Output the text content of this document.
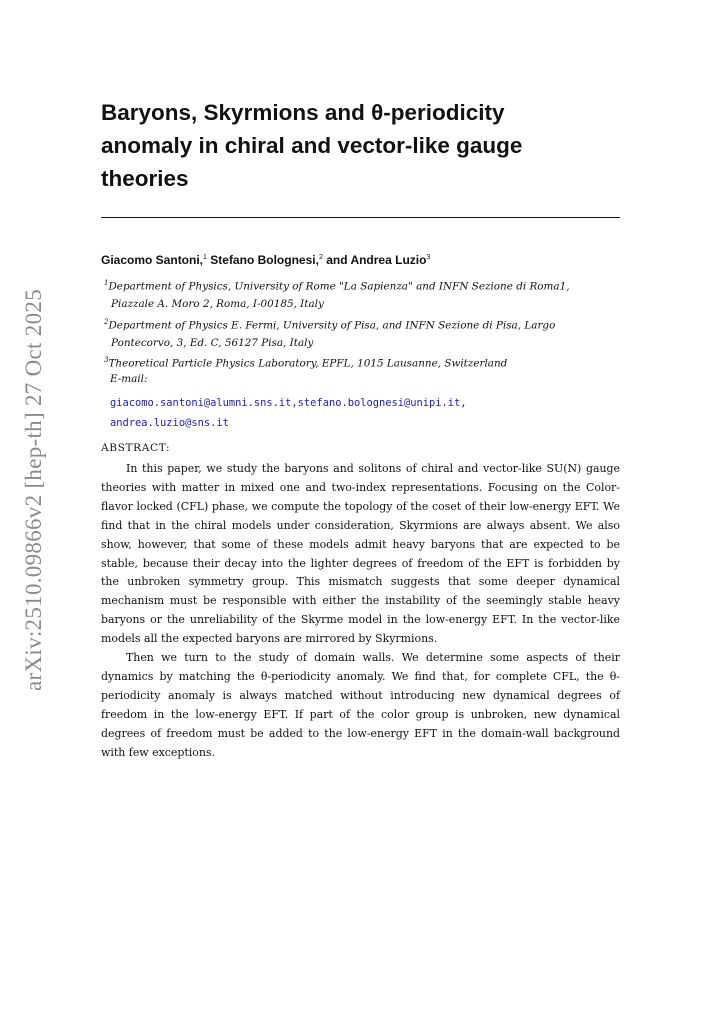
arXiv:2510.09866v2 [hep-th] 27 Oct 2025
Baryons, Skyrmions and θ-periodicity
anomaly in chiral and vector-like gauge
theories
Giacomo Santoni,$^1$ Stefano Bolognesi,$^2$ and Andrea Luzio$^3$
$^1$Department of Physics, University of Rome "La Sapienza" and INFN Sezione di Roma1,
Piazzale A. Moro 2, Roma, I-00185, Italy
$^2$Department of Physics E. Fermi, University of Pisa, and INFN Sezione di Pisa, Largo
Pontecorvo, 3, Ed. C, 56127 Pisa, Italy
$^3$Theoretical Particle Physics Laboratory, EPFL, 1015 Lausanne, Switzerland
E-mail:
giacomo.santoni@alumni.sns.it,stefano.bolognesi@unipi.it,
andrea.luzio@sns.it
ABSTRACT:

In this paper, we study the baryons and solitons of chiral and vector-like SU(N) gauge theories with matter in mixed one and two-index representations. Focusing on the Color-flavor locked (CFL) phase, we compute the topology of the coset of their low-energy EFT. We find that in the chiral models under consideration, Skyrmions are always absent. We also show, however, that some of these models admit heavy baryons that are expected to be stable, because their decay into the lighter degrees of freedom of the EFT is forbidden by the unbroken symmetry group. This mismatch suggests that some deeper dynamical mechanism must be responsible with either the instability of the seemingly stable heavy baryons or the unreliability of the Skyrme model in the low-energy EFT. In the vector-like models all the expected baryons are mirrored by Skyrmions.

Then we turn to the study of domain walls. We determine some aspects of their dynamics by matching the θ-periodicity anomaly. We find that, for complete CFL, the θ-periodicity anomaly is always matched without introducing new dynamical degrees of freedom in the low-energy EFT. If part of the color group is unbroken, new dynamical degrees of freedom must be added to the low-energy EFT in the domain-wall background with few exceptions.
